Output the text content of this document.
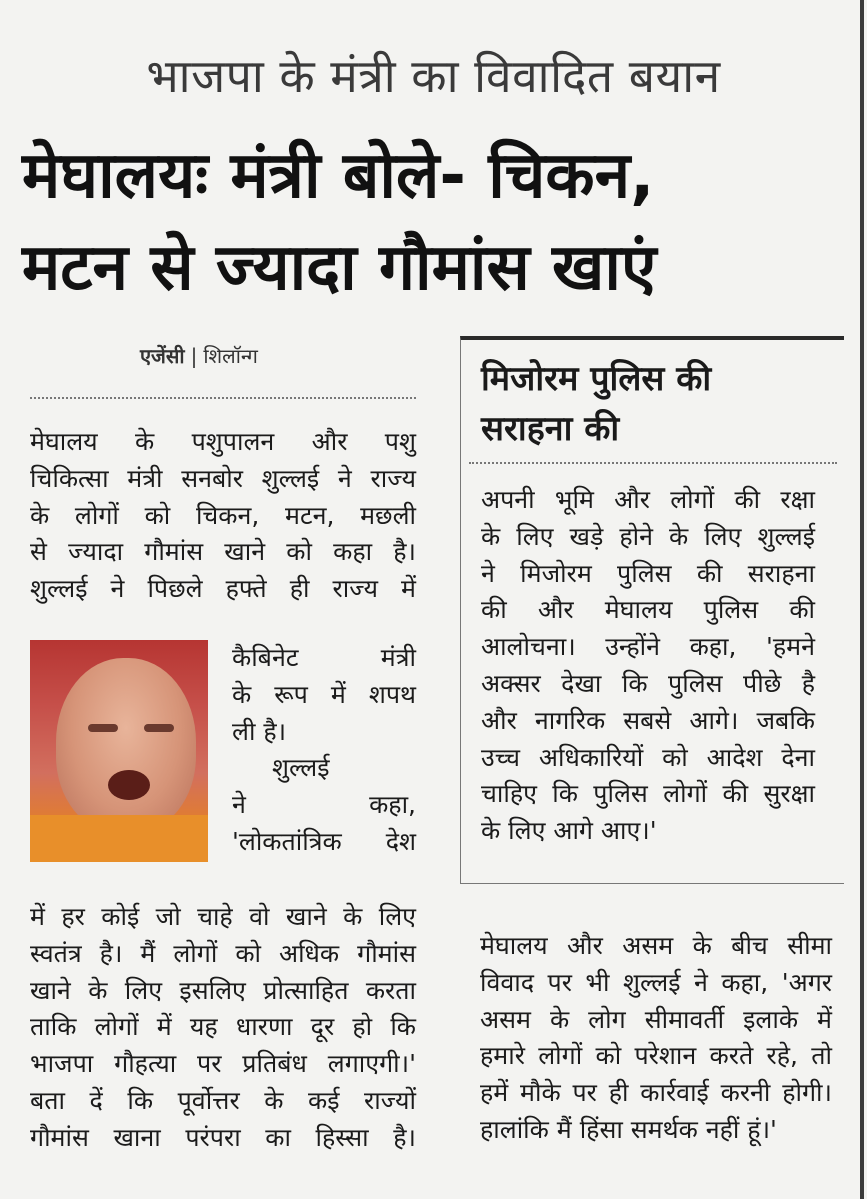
भाजपा के मंत्री का विवादित बयान
मेघालयः मंत्री बोले- चिकन,
मटन से ज्यादा गौमांस खाएं
एजेंसी | शिलॉन्ग
मेघालय के पशुपालन और पशु
चिकित्सा मंत्री सनबोर शुल्लई ने राज्य
के लोगों को चिकन, मटन, मछली
से ज्यादा गौमांस खाने को कहा है।
शुल्लई ने पिछले हफ्ते ही राज्य में
कैबिनेट मंत्री
के रूप में शपथ
ली है।
शुल्लई
ने कहा,
'लोकतांत्रिक देश
में हर कोई जो चाहे वो खाने के लिए
स्वतंत्र है। मैं लोगों को अधिक गौमांस
खाने के लिए इसलिए प्रोत्साहित करता
ताकि लोगों में यह धारणा दूर हो कि
भाजपा गौहत्या पर प्रतिबंध लगाएगी।'
बता दें कि पूर्वोत्तर के कई राज्यों
गौमांस खाना परंपरा का हिस्सा है।
मिजोरम पुलिस की
सराहना की
अपनी भूमि और लोगों की रक्षा
के लिए खड़े होने के लिए शुल्लई
ने मिजोरम पुलिस की सराहना
की और मेघालय पुलिस की
आलोचना। उन्होंने कहा, 'हमने
अक्सर देखा कि पुलिस पीछे है
और नागरिक सबसे आगे। जबकि
उच्च अधिकारियों को आदेश देना
चाहिए कि पुलिस लोगों की सुरक्षा
के लिए आगे आए।'
मेघालय और असम के बीच सीमा
विवाद पर भी शुल्लई ने कहा, 'अगर
असम के लोग सीमावर्ती इलाके में
हमारे लोगों को परेशान करते रहे, तो
हमें मौके पर ही कार्रवाई करनी होगी।
हालांकि मैं हिंसा समर्थक नहीं हूं।'
